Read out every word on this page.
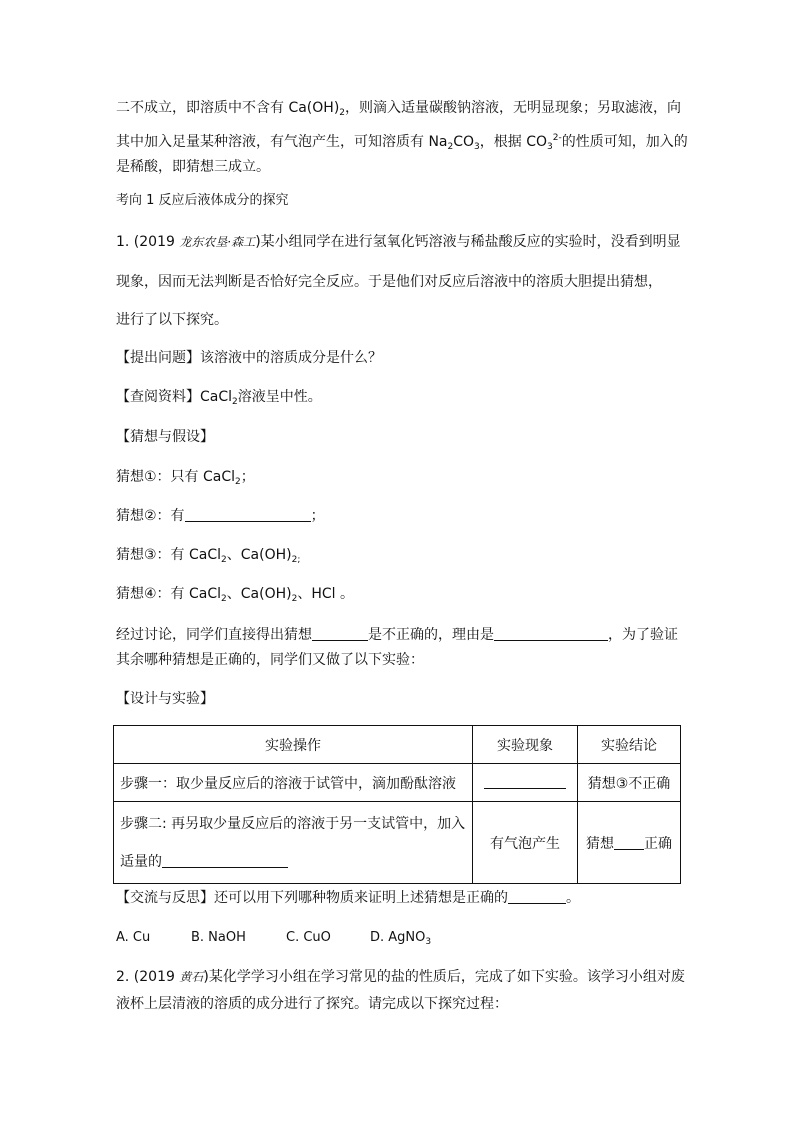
二不成立，即溶质中不含有 $Ca(OH)_2$，则滴入适量碳酸钠溶液，无明显现象；另取滤液，向
其中加入足量某种溶液，有气泡产生，可知溶质有 $Na_2CO_3$，根据 $CO_3^{2-}$的性质可知，加入的
是稀酸，即猜想三成立。
考向 1 反应后液体成分的探究
1. (2019 龙东农垦·森工)某小组同学在进行氢氧化钙溶液与稀盐酸反应的实验时，没看到明显
现象，因而无法判断是否恰好完全反应。于是他们对反应后溶液中的溶质大胆提出猜想，
进行了以下探究。
【提出问题】该溶液中的溶质成分是什么？
【查阅资料】CaCl$_2$溶液呈中性。
【猜想与假设】
猜想①：只有 CaCl$_2$；
猜想②：有	；
猜想③：有 CaCl$_2$、$Ca(OH)_{2;}$
猜想④：有 CaCl$_2$、$Ca(OH)_2$、HCl 。
经过讨论，同学们直接得出猜想	是不正确的，理由是	，为了验证
其余哪种猜想是正确的，同学们又做了以下实验：
【设计与实验】
实验操作	实验现象	实验结论
步骤一：取少量反应后的溶液于试管中，滴加酚酞溶液		猜想③不正确

步骤二: 再另取少量反应后的溶液于另一支试管中，加入
适量的	有气泡产生	猜想 正确
【交流与反思】还可以用下列哪种物质来证明上述猜想是正确的	。
A. Cu	B. NaOH	C. CuO	D. AgNO$_3$
2. (2019 黄石)某化学学习小组在学习常见的盐的性质后，完成了如下实验。该学习小组对废
液杯上层清液的溶质的成分进行了探究。请完成以下探究过程：
